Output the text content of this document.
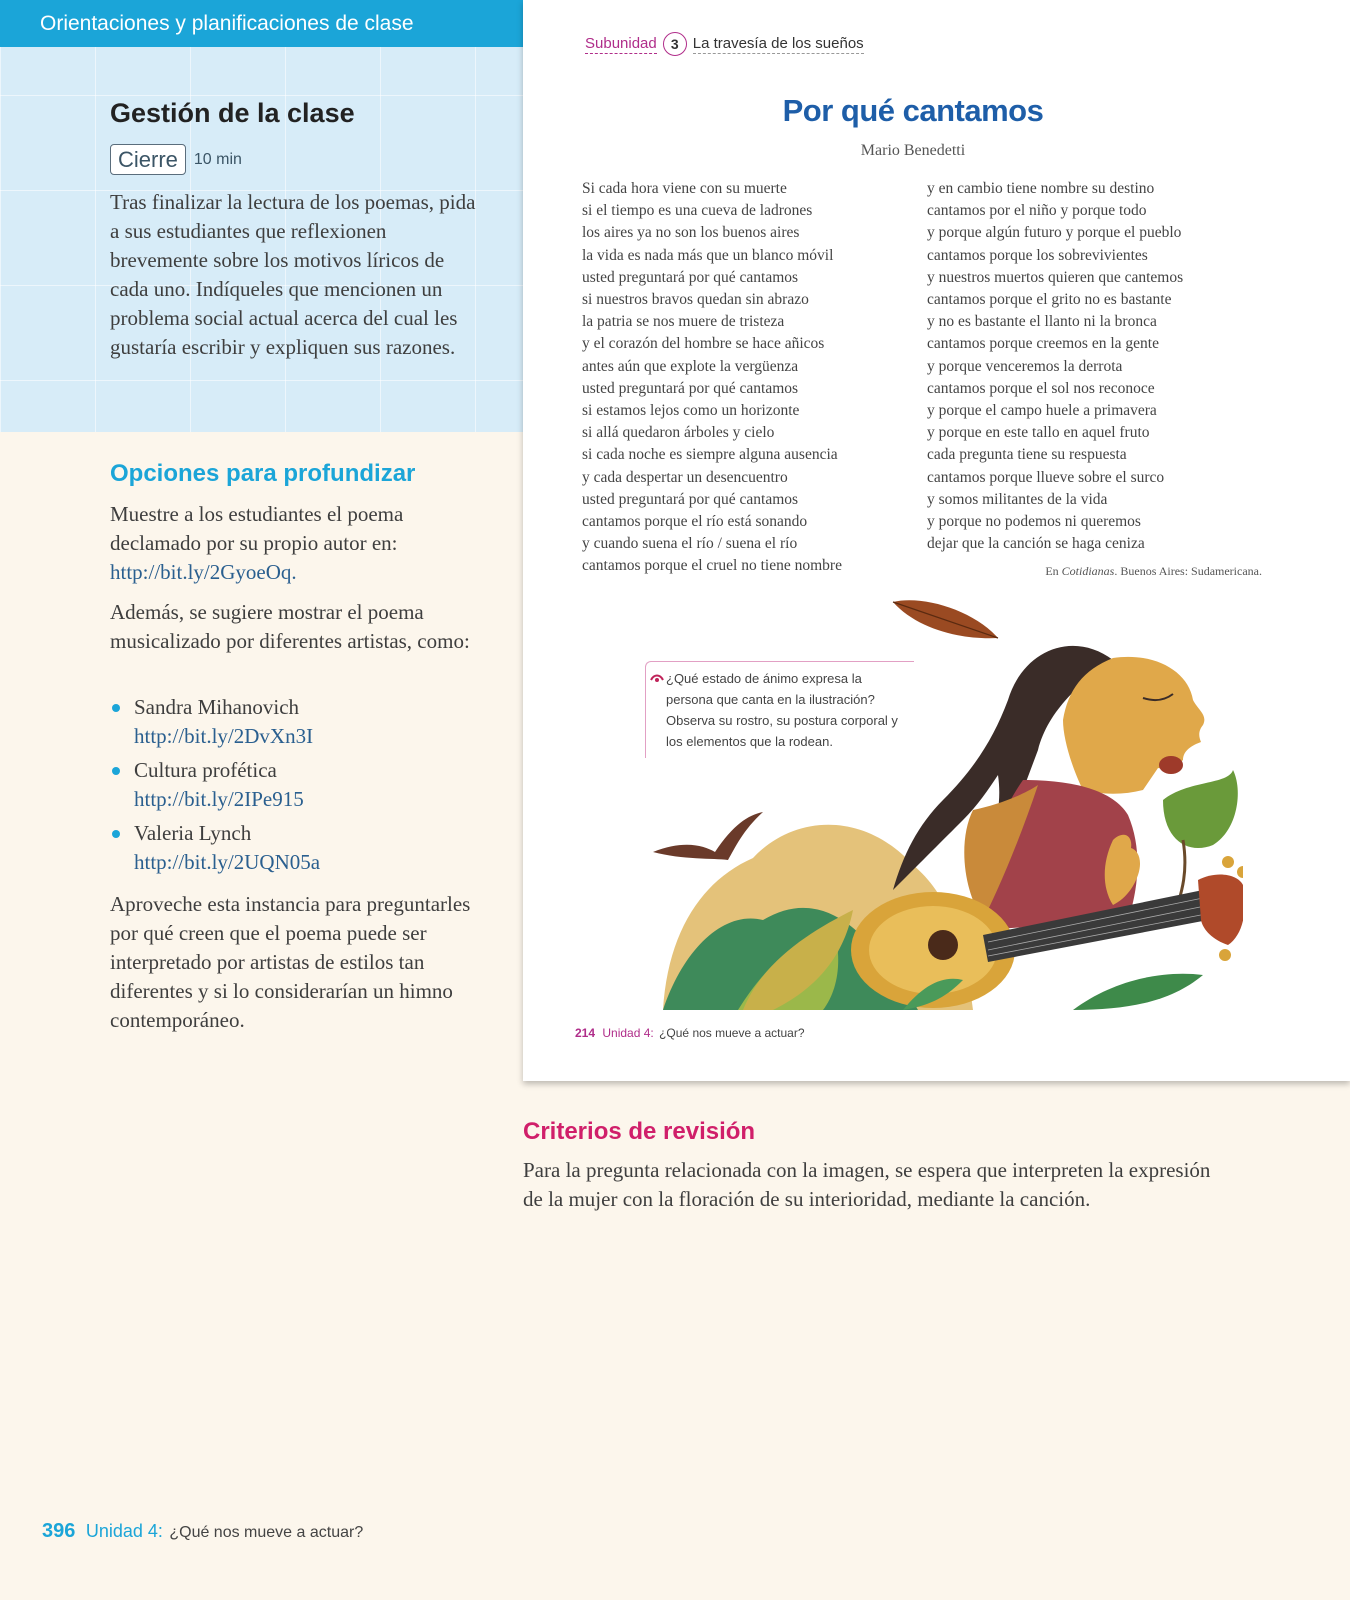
Orientaciones y planificaciones de clase
Gestión de la clase
Cierre	10 min

Tras finalizar la lectura de los poemas, pida a sus estudiantes que reflexionen brevemente sobre los motivos líricos de cada uno. Indíqueles que mencionen un problema social actual acerca del cual les gustaría escribir y expliquen sus razones.

Opciones para profundizar

Muestre a los estudiantes el poema declamado por su propio autor en: http://bit.ly/2GyoeOq.

Además, se sugiere mostrar el poema musicalizado por diferentes artistas, como:

Sandra Mihanovich
http://bit.ly/2DvXn3I
Cultura profética
http://bit.ly/2IPe915
Valeria Lynch
http://bit.ly/2UQN05a

Aproveche esta instancia para preguntarles por qué creen que el poema puede ser interpretado por artistas de estilos tan diferentes y si lo considerarían un himno contemporáneo.

Subunidad	3 La travesía de los sueños
Por qué cantamos
Mario Benedetti
Si cada hora viene con su muerte
si el tiempo es una cueva de ladrones
los aires ya no son los buenos aires
la vida es nada más que un blanco móvil
usted preguntará por qué cantamos
si nuestros bravos quedan sin abrazo
la patria se nos muere de tristeza
y el corazón del hombre se hace añicos
antes aún que explote la vergüenza
usted preguntará por qué cantamos
si estamos lejos como un horizonte
si allá quedaron árboles y cielo
si cada noche es siempre alguna ausencia
y cada despertar un desencuentro
usted preguntará por qué cantamos
cantamos porque el río está sonando
y cuando suena el río / suena el río
cantamos porque el cruel no tiene nombre
y en cambio tiene nombre su destino
cantamos por el niño y porque todo
y porque algún futuro y porque el pueblo
cantamos porque los sobrevivientes
y nuestros muertos quieren que cantemos
cantamos porque el grito no es bastante
y no es bastante el llanto ni la bronca
cantamos porque creemos en la gente
y porque venceremos la derrota
cantamos porque el sol nos reconoce
y porque el campo huele a primavera
y porque en este tallo en aquel fruto
cada pregunta tiene su respuesta
cantamos porque llueve sobre el surco
y somos militantes de la vida
y porque no podemos ni queremos
dejar que la canción se haga ceniza
En Cotidianas. Buenos Aires: Sudamericana.
¿Qué estado de ánimo expresa la persona que canta en la ilustración? Observa su rostro, su postura corporal y los elementos que la rodean.
214 Unidad 4: ¿Qué nos mueve a actuar?
Criterios de revisión

Para la pregunta relacionada con la imagen, se espera que interpreten la expresión de la mujer con la floración de su interioridad, mediante la canción.

396 Unidad 4: ¿Qué nos mueve a actuar?
